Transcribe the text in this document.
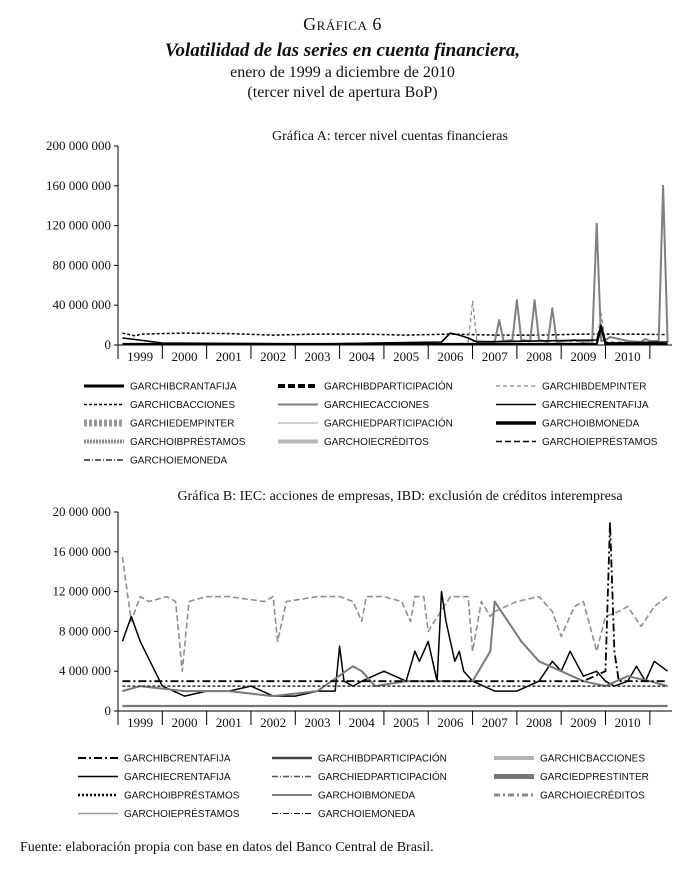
Gráfica 6
Volatilidad de las series en cuenta financiera,
enero de 1999 a diciembre de 2010
(tercer nivel de apertura BoP)
Gráfica A: tercer nivel cuentas financieras
0
40 000 000
80 000 000
120 000 000
160 000 000
200 000 000
1999 2000 2001 2002 2003 2004 2005 2006 2007 2008 2009 2010
GARCHIBCRANTAFIJA	GARCHIBDPARTICIPACIÓN	GARCHIBDEMPINTER
GARCHICBACCIONES	GARCHIECACCIONES	GARCHIECRENTAFIJA
GARCHIEDEMPINTER	GARCHIEDPARTICIPACIÓN	GARCHOIBMONEDA
GARCHOIBPRÉSTAMOS	GARCHOIECRÉDITOS	GARCHOIEPRÉSTAMOS
GARCHOIEMONEDA
Gráfica B: IEC: acciones de empresas, IBD: exclusión de créditos interempresa
0
4 000 000
8 000 000
12 000 000
16 000 000
20 000 000
1999 2000 2001 2002 2003 2004 2005 2006 2007 2008 2009 2010
GARCHIBCRENTAFIJA	GARCHIBDPARTICIPACIÓN	GARCHICBACCIONES
GARCHIECRENTAFIJA	GARCHIEDPARTICIPACIÓN	GARCIEDPRESTINTER
GARCHOIBPRÉSTAMOS	GARCHOIBMONEDA	GARCHOIECRÉDITOS
GARCHOIEPRÉSTAMOS	GARCHOIEMONEDA
Fuente: elaboración propia con base en datos del Banco Central de Brasil.
